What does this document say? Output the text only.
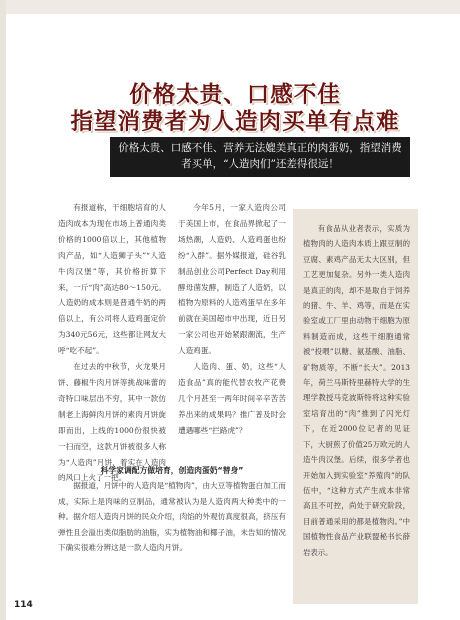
价格太贵、口感不佳
指望消费者为人造肉买单有点难
价格太贵、口感不佳、营养无法媲美真正的肉蛋奶，指望消费者买单，“人造肉们”还差得很远！

有报道称，干细胞培育的人造肉成本为现在市场上普通肉类价格的1000倍以上，其他植物肉产品，如“人造狮子头”“人造牛肉汉堡”等，其价格折算下来，一斤“肉”高达80～150元。人造奶的成本则是普通牛奶的两倍以上，有公司将人造鸡蛋定价为340元56元，这些都让网友大呼“吃不起”。

在过去的中秋节，火龙果月饼、藤椒牛肉月饼等挑战味蕾的奇特口味层出不穷，其中一款仿制老上海鲜肉月饼的素肉月饼旋即而出，上线的1000份很快被一扫而空，这款月饼被很多人称为“人造肉”月饼，着实在人造肉的风口上火了一把。

今年5月，一家人造肉公司于美国上市，在食品界掀起了一场热潮，人造奶、人造鸡蛋也纷纷“入群”。据外媒报道，硅谷乳制品创业公司Perfect Day利用酵母菌发酵，制造了人造奶，以植物为原料的人造鸡蛋早在多年前就在美国超市中出现，近日另一家公司也开始紧跟潮流，生产人造鸡蛋。

人造肉、蛋、奶，这些“人造食品”真的能代替农牧产花费几个月甚至一两年时间辛辛苦苦养出来的成果吗？推广普及时会遭遇哪些“拦路虎”？

有食品从业者表示，实质为植物肉的人造肉本质上跟豆制的豆腐、素鸡产品无太大区别，但工艺更加复杂。另外一类人造肉是真正的肉，却不是取自于饲养的猪、牛、羊、鸡等，而是在实验室或工厂里由动物干细胞为原料制造而成，这些干细胞通常被“投喂”以糖、氨基酸、油脂、矿物质等，不断“长大”。2013年，荷兰马斯特里赫特大学的生理学教授马克波斯特将这种实验室培育出的“肉”推到了闪光灯下，在近2000位记者的见证下，大厨煎了价值25万欧元的人造牛肉汉堡。后续，很多学者也开始加入到实验室“养殖肉”的队伍中，“这种方式产生成本非常高且不可控，尚处于研究阶段，目前普通采用的都是植物肉。”中国植物性食品产业联盟秘书长薛岩表示。

科学家调配方做培育，创造肉蛋奶“替身”

据报道，月饼中的人造肉是“植物肉”，由大豆等植物蛋白加工而成，实际上是肉味的豆制品，通常被认为是人造肉两大种类中的一种。据介绍人造肉月饼的民众介绍，肉馅的外观仿真度很高，挤压有弹性且会溢出类似脂肪的油脂，实为植物油和椰子油，未告知的情况下确实很难分辨这是一款人造肉月饼。

114
